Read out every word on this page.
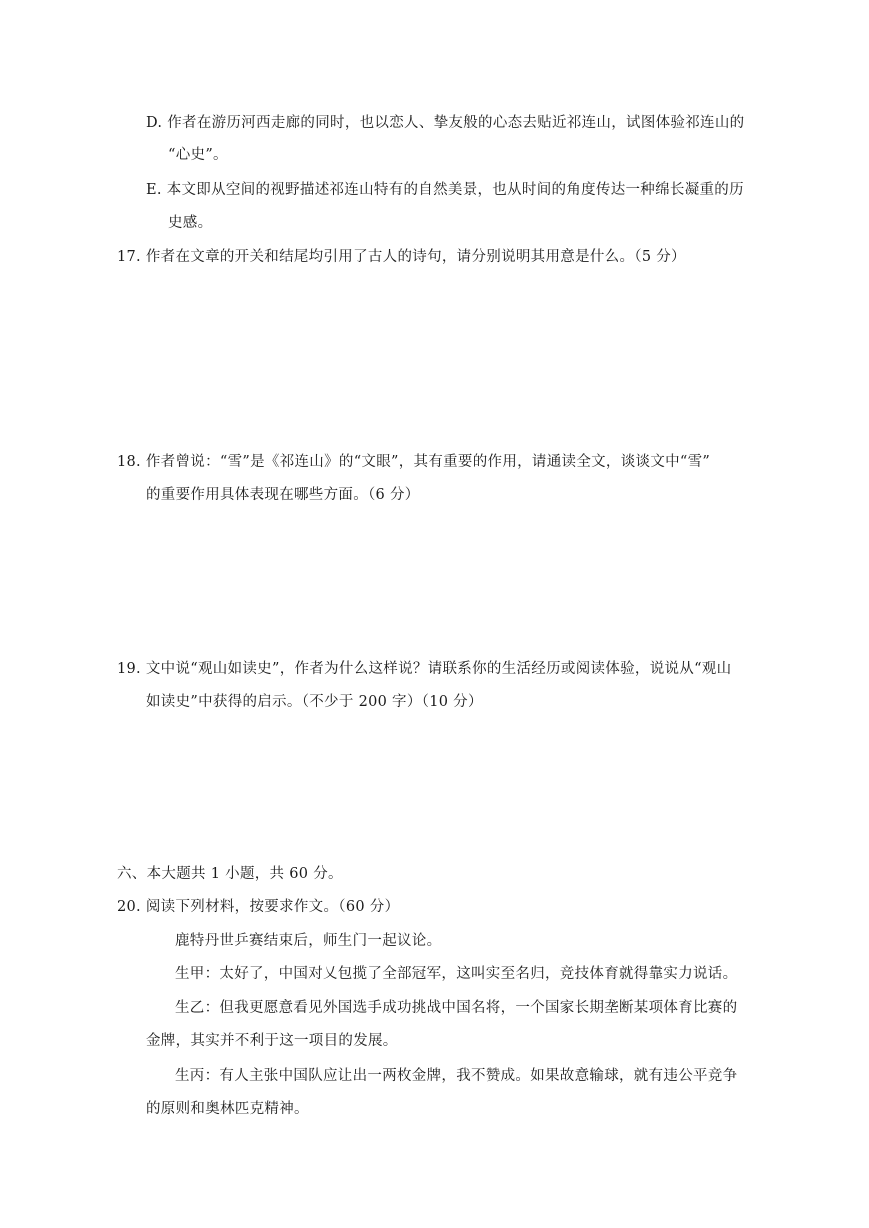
D. 作者在游历河西走廊的同时，也以恋人、挚友般的心态去贴近祁连山，试图体验祁连山的
“心史”。
E. 本文即从空间的视野描述祁连山特有的自然美景，也从时间的角度传达一种绵长凝重的历
史感。
17. 作者在文章的开关和结尾均引用了古人的诗句，请分别说明其用意是什么。（5 分）
18. 作者曾说：“雪”是《祁连山》的“文眼”，其有重要的作用，请通读全文，谈谈文中“雪”
的重要作用具体表现在哪些方面。（6 分）
19. 文中说“观山如读史”，作者为什么这样说？请联系你的生活经历或阅读体验，说说从“观山
如读史”中获得的启示。（不少于 200 字）（10 分）
六、本大题共 1 小题，共 60 分。
20. 阅读下列材料，按要求作文。（60 分）
鹿特丹世乒赛结束后，师生门一起议论。
生甲：太好了，中国对乂包揽了全部冠军，这叫实至名归，竞技体育就得靠实力说话。
生乙：但我更愿意看见外国选手成功挑战中国名将，一个国家长期垄断某项体育比赛的
金牌，其实并不利于这一项目的发展。
生丙：有人主张中国队应让出一两枚金牌，我不赞成。如果故意输球，就有违公平竞争
的原则和奥林匹克精神。
